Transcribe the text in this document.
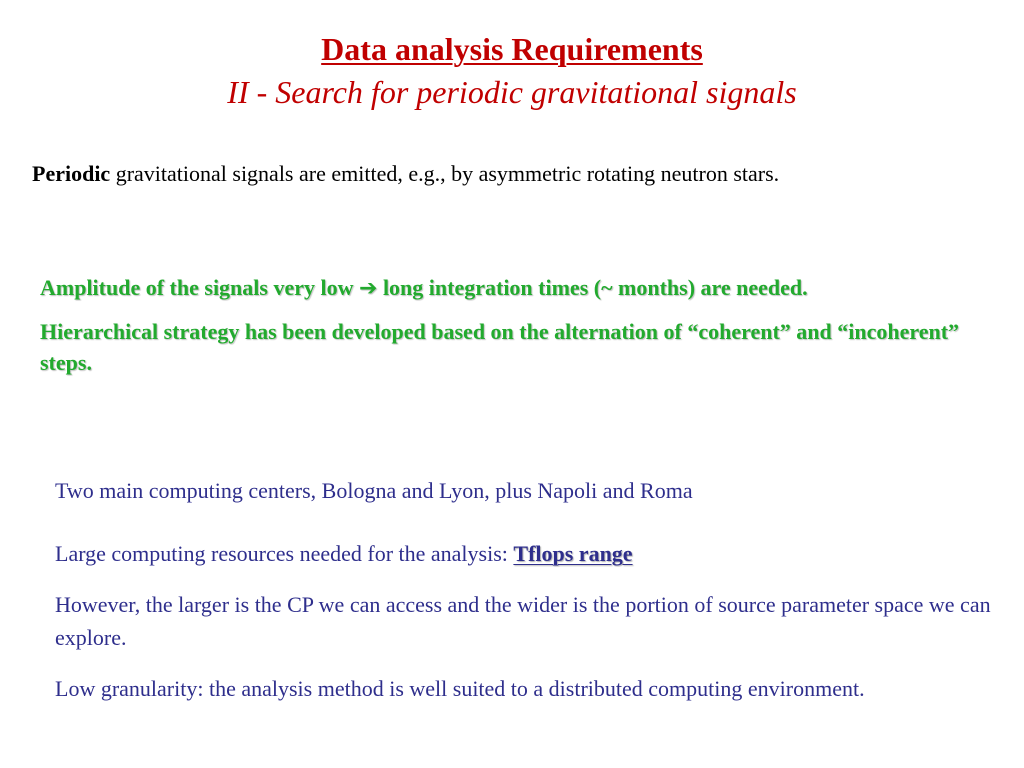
Data analysis Requirements
II - Search for periodic gravitational signals
Periodic gravitational signals are emitted, e.g., by asymmetric rotating neutron stars.

Amplitude of the signals very low ➔ long integration times (~ months) are needed.

Hierarchical strategy has been developed based on the alternation of “coherent” and “incoherent” steps.

Two main computing centers, Bologna and Lyon, plus Napoli and Roma

Large computing resources needed for the analysis: Tflops range

However, the larger is the CP we can access and the wider is the portion of source parameter space we can explore.

Low granularity: the analysis method is well suited to a distributed computing environment.
